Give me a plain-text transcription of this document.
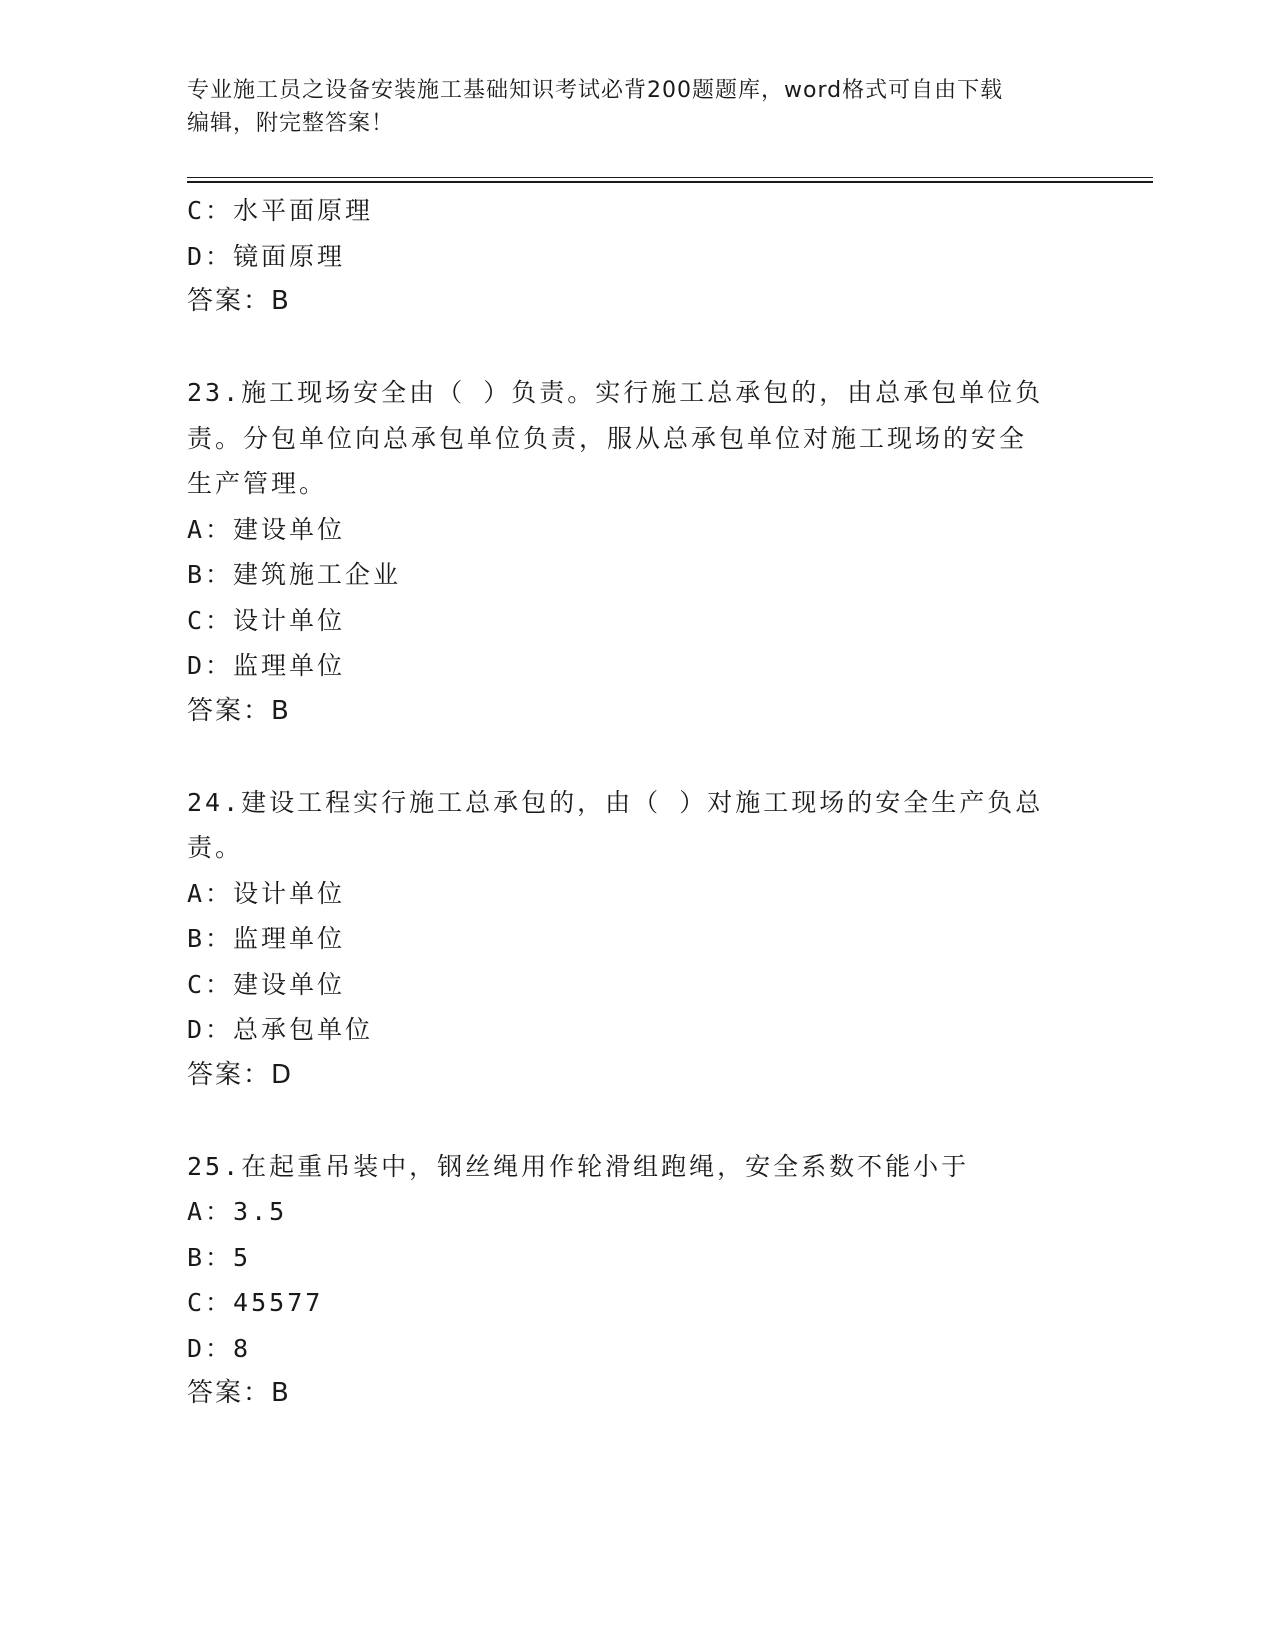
专业施工员之设备安装施工基础知识考试必背200题题库，word格式可自由下载
编辑，附完整答案！
C：水平面原理
D：镜面原理
答案：B
23.施工现场安全由（ ）负责。实行施工总承包的，由总承包单位负
责。分包单位向总承包单位负责，服从总承包单位对施工现场的安全
生产管理。
A：建设单位
B：建筑施工企业
C：设计单位
D：监理单位
答案：B
24.建设工程实行施工总承包的，由（ ）对施工现场的安全生产负总
责。
A：设计单位
B：监理单位
C：建设单位
D：总承包单位
答案：D
25.在起重吊装中，钢丝绳用作轮滑组跑绳，安全系数不能小于
A：3.5
B：5
C：45577
D：8
答案：B
